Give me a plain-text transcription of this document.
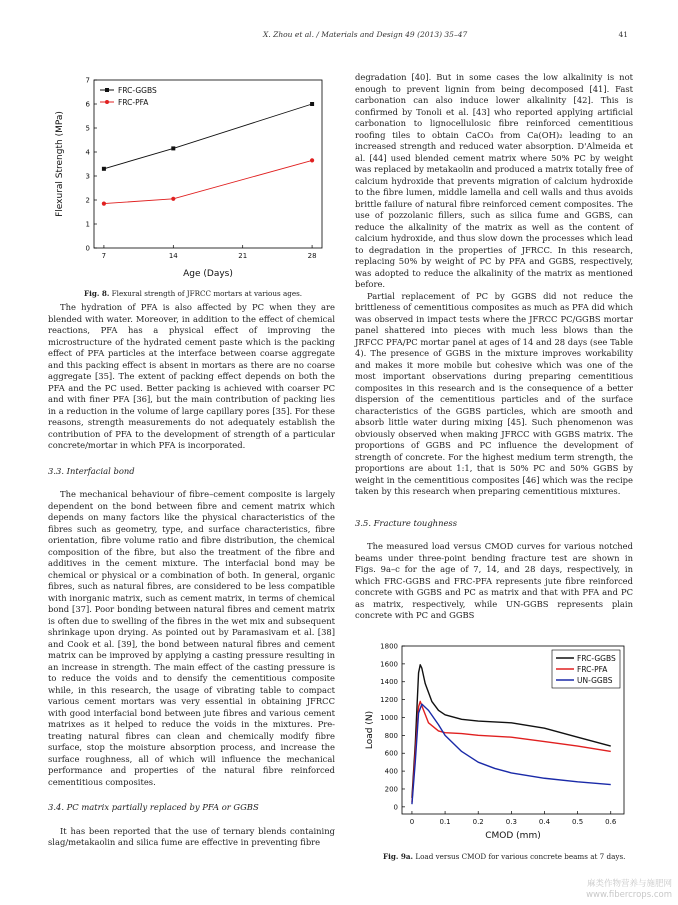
X. Zhou et al. / Materials and Design 49 (2013) 35–47	41
0
1
2
3
4
5
6
7
7	14	21	28
Age (Days)
Flexural Strength (MPa)
FRC-GGBS
FRC-PFA
Fig. 8. Flexural strength of JFRCC mortars at various ages.

The hydration of PFA is also affected by PC when they are blended with water. Moreover, in addition to the effect of chemical reactions, PFA has a physical effect of improving the microstructure of the hydrated cement paste which is the packing effect of PFA particles at the interface between coarse aggregate and this packing effect is absent in mortars as there are no coarse aggregate [35]. The extent of packing effect depends on both the PFA and the PC used. Better packing is achieved with coarser PC and with finer PFA [36], but the main contribution of packing lies in a reduction in the volume of large capillary pores [35]. For these reasons, strength measurements do not adequately establish the contribution of PFA to the development of strength of a particular concrete/mortar in which PFA is incorporated.

3.3. Interfacial bond

The mechanical behaviour of fibre–cement composite is largely dependent on the bond between fibre and cement matrix which depends on many factors like the physical characteristics of the fibres such as geometry, type, and surface characteristics, fibre orientation, fibre volume ratio and fibre distribution, the chemical composition of the fibre, but also the treatment of the fibre and additives in the cement mixture. The interfacial bond may be chemical or physical or a combination of both. In general, organic fibres, such as natural fibres, are considered to be less compatible with inorganic matrix, such as cement matrix, in terms of chemical bond [37]. Poor bonding between natural fibres and cement matrix is often due to swelling of the fibres in the wet mix and subsequent shrinkage upon drying. As pointed out by Paramasivam et al. [38] and Cook et al. [39], the bond between natural fibres and cement matrix can be improved by applying a casting pressure resulting in an increase in strength. The main effect of the casting pressure is to reduce the voids and to densify the cementitious composite while, in this research, the usage of vibrating table to compact various cement mortars was very essential in obtaining JFRCC with good interfacial bond between jute fibres and various cement matrixes as it helped to reduce the voids in the mixtures. Pre-treating natural fibres can clean and chemically modify fibre surface, stop the moisture absorption process, and increase the surface roughness, all of which will influence the mechanical performance and properties of the natural fibre reinforced cementitious composites.

3.4. PC matrix partially replaced by PFA or GGBS

It has been reported that the use of ternary blends containing slag/metakaolin and silica fume are effective in preventing fibre

degradation [40]. But in some cases the low alkalinity is not enough to prevent lignin from being decomposed [41]. Fast carbonation can also induce lower alkalinity [42]. This is confirmed by Tonoli et al. [43] who reported applying artificial carbonation to lignocellulosic fibre reinforced cementitious roofing tiles to obtain CaCO₃ from Ca(OH)₂ leading to an increased strength and reduced water absorption. D'Almeida et al. [44] used blended cement matrix where 50% PC by weight was replaced by metakaolin and produced a matrix totally free of calcium hydroxide that prevents migration of calcium hydroxide to the fibre lumen, middle lamella and cell walls and thus avoids brittle failure of natural fibre reinforced cement composites. The use of pozzolanic fillers, such as silica fume and GGBS, can reduce the alkalinity of the matrix as well as the content of calcium hydroxide, and thus slow down the processes which lead to degradation in the properties of JFRCC. In this research, replacing 50% by weight of PC by PFA and GGBS, respectively, was adopted to reduce the alkalinity of the matrix as mentioned before.

Partial replacement of PC by GGBS did not reduce the brittleness of cementitious composites as much as PFA did which was observed in impact tests where the JFRCC PC/GGBS mortar panel shattered into pieces with much less blows than the JRFCC PFA/PC mortar panel at ages of 14 and 28 days (see Table 4). The presence of GGBS in the mixture improves workability and makes it more mobile but cohesive which was one of the most important observations during preparing cementitious composites in this research and is the consequence of a better dispersion of the cementitious particles and of the surface characteristics of the GGBS particles, which are smooth and absorb little water during mixing [45]. Such phenomenon was obviously observed when making JFRCC with GGBS matrix. The proportions of GGBS and PC influence the development of strength of concrete. For the highest medium term strength, the proportions are about 1:1, that is 50% PC and 50% GGBS by weight in the cementitious composites [46] which was the recipe taken by this research when preparing cementitious mixtures.

3.5. Fracture toughness

The measured load versus CMOD curves for various notched beams under three-point bending fracture test are shown in Figs. 9a–c for the age of 7, 14, and 28 days, respectively, in which FRC-GGBS and FRC-PFA represents jute fibre reinforced concrete with GGBS and PC as matrix and that with PFA and PC as matrix, respectively, while UN-GGBS represents plain concrete with PC and GGBS

0
200
400
600
800
1000
1200
1400
1600
1800
0	0.1	0.2	0.3	0.4	0.5	0.6
CMOD (mm)
Load (N)
FRC-GGBS
FRC-PFA
UN-GGBS
Fig. 9a. Load versus CMOD for various concrete beams at 7 days.
麻类作物营养与施肥网
www.fibercrops.com
